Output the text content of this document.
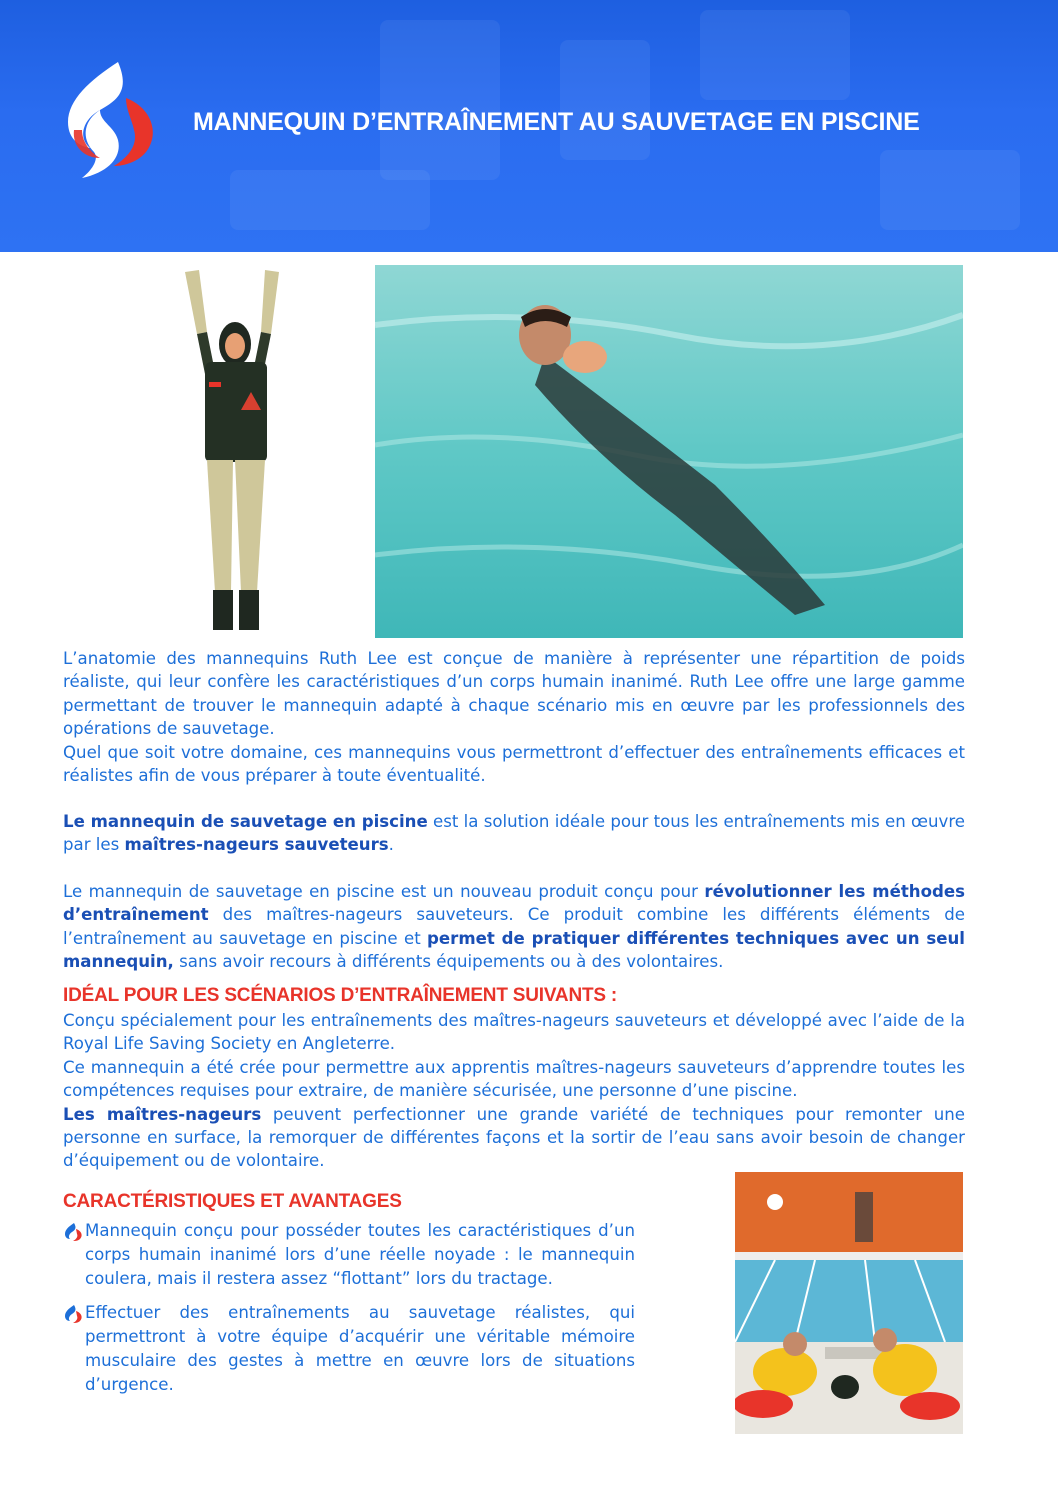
MANNEQUIN D’ENTRAÎNEMENT AU SAUVETAGE EN PISCINE

L’anatomie des mannequins Ruth Lee est conçue de manière à représenter une répartition de poids réaliste, qui leur confère les caractéristiques d’un corps humain inanimé. Ruth Lee offre une large gamme permettant de trouver le mannequin adapté à chaque scénario mis en œuvre par les professionnels des opérations de sauvetage.

Quel que soit votre domaine, ces mannequins vous permettront d’effectuer des entraînements efficaces et réalistes afin de vous préparer à toute éventualité.

Le mannequin de sauvetage en piscine est la solution idéale pour tous les entraînements mis en œuvre par les maîtres-nageurs sauveteurs.

Le mannequin de sauvetage en piscine est un nouveau produit conçu pour révolutionner les méthodes d’entraînement des maîtres-nageurs sauveteurs. Ce produit combine les différents éléments de l’entraînement au sauvetage en piscine et permet de pratiquer différentes techniques avec un seul mannequin, sans avoir recours à différents équipements ou à des volontaires.

IDÉAL POUR LES SCÉNARIOS D’ENTRAÎNEMENT SUIVANTS :

Conçu spécialement pour les entraînements des maîtres-nageurs sauveteurs et développé avec l’aide de la Royal Life Saving Society en Angleterre.

Ce mannequin a été crée pour permettre aux apprentis maîtres-nageurs sauveteurs d’apprendre toutes les compétences requises pour extraire, de manière sécurisée, une personne d’une piscine.

Les maîtres-nageurs peuvent perfectionner une grande variété de techniques pour remonter une personne en surface, la remorquer de différentes façons et la sortir de l’eau sans avoir besoin de changer d’équipement ou de volontaire.

CARACTÉRISTIQUES ET AVANTAGES
Mannequin conçu pour posséder toutes les caractéristiques d’un corps humain inanimé lors d’une réelle noyade : le mannequin coulera, mais il restera assez “flottant” lors du tractage.
Effectuer des entraînements au sauvetage réalistes, qui permettront à votre équipe d’acquérir une véritable mémoire musculaire des gestes à mettre en œuvre lors de situations d’urgence.
